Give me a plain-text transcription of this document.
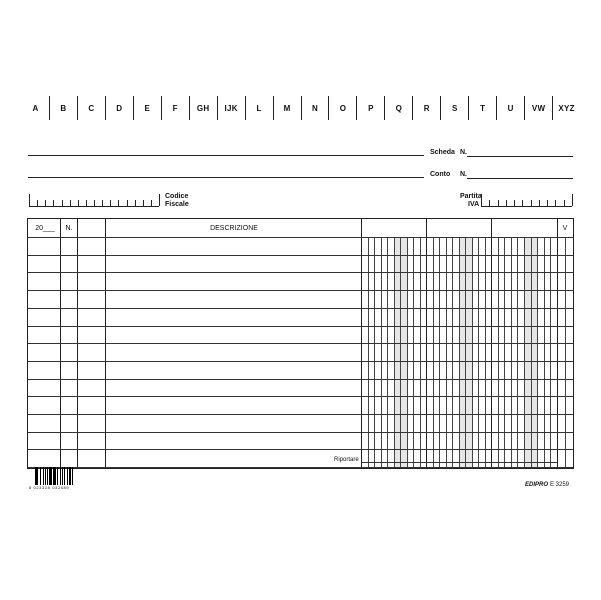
A	B	C	D	E	F	GH	IJK	L	M	N	O	P	Q	R	S	T	U	VW	XYZ
Scheda N.
Conto N.
Codice
Fiscale
Partita
IVA
20___	N.	DESCRIZIONE	V
Riportare
8 023328 032589	EDIPRO E 3259
